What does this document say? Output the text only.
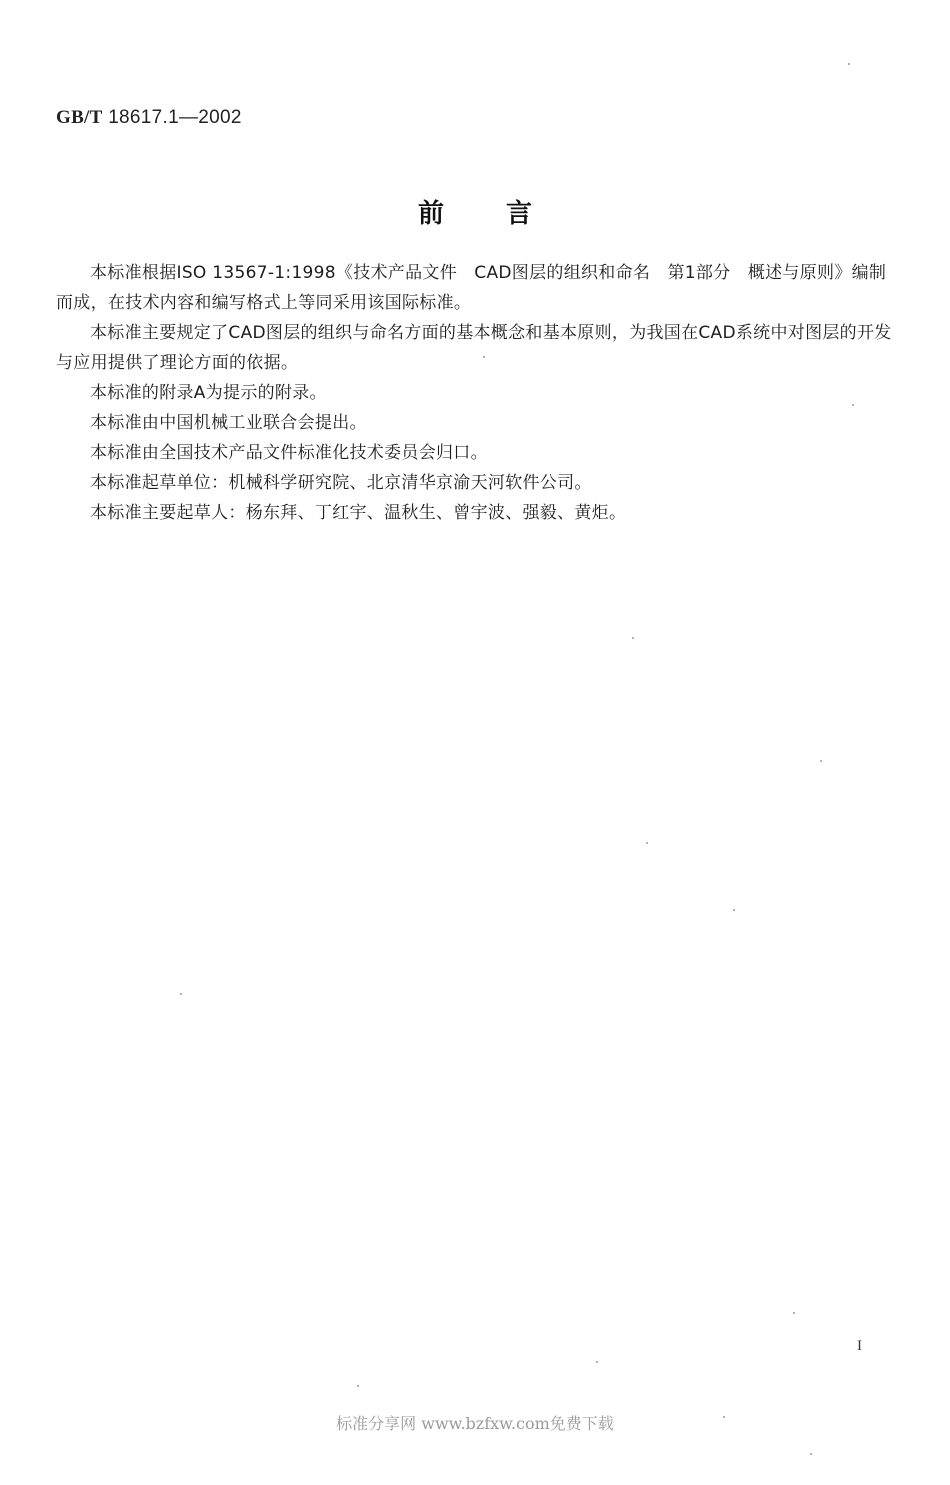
GB/T 18617.1—2002
前言

本标准根据ISO 13567-1:1998《技术产品文件　CAD图层的组织和命名　第1部分　概述与原则》编制而成，在技术内容和编写格式上等同采用该国际标准。

本标准主要规定了CAD图层的组织与命名方面的基本概念和基本原则，为我国在CAD系统中对图层的开发与应用提供了理论方面的依据。

本标准的附录A为提示的附录。

本标准由中国机械工业联合会提出。

本标准由全国技术产品文件标准化技术委员会归口。

本标准起草单位：机械科学研究院、北京清华京渝天河软件公司。

本标准主要起草人：杨东拜、丁红宇、温秋生、曾宇波、强毅、黄炬。

I
标准分享网 www.bzfxw.com免费下载
